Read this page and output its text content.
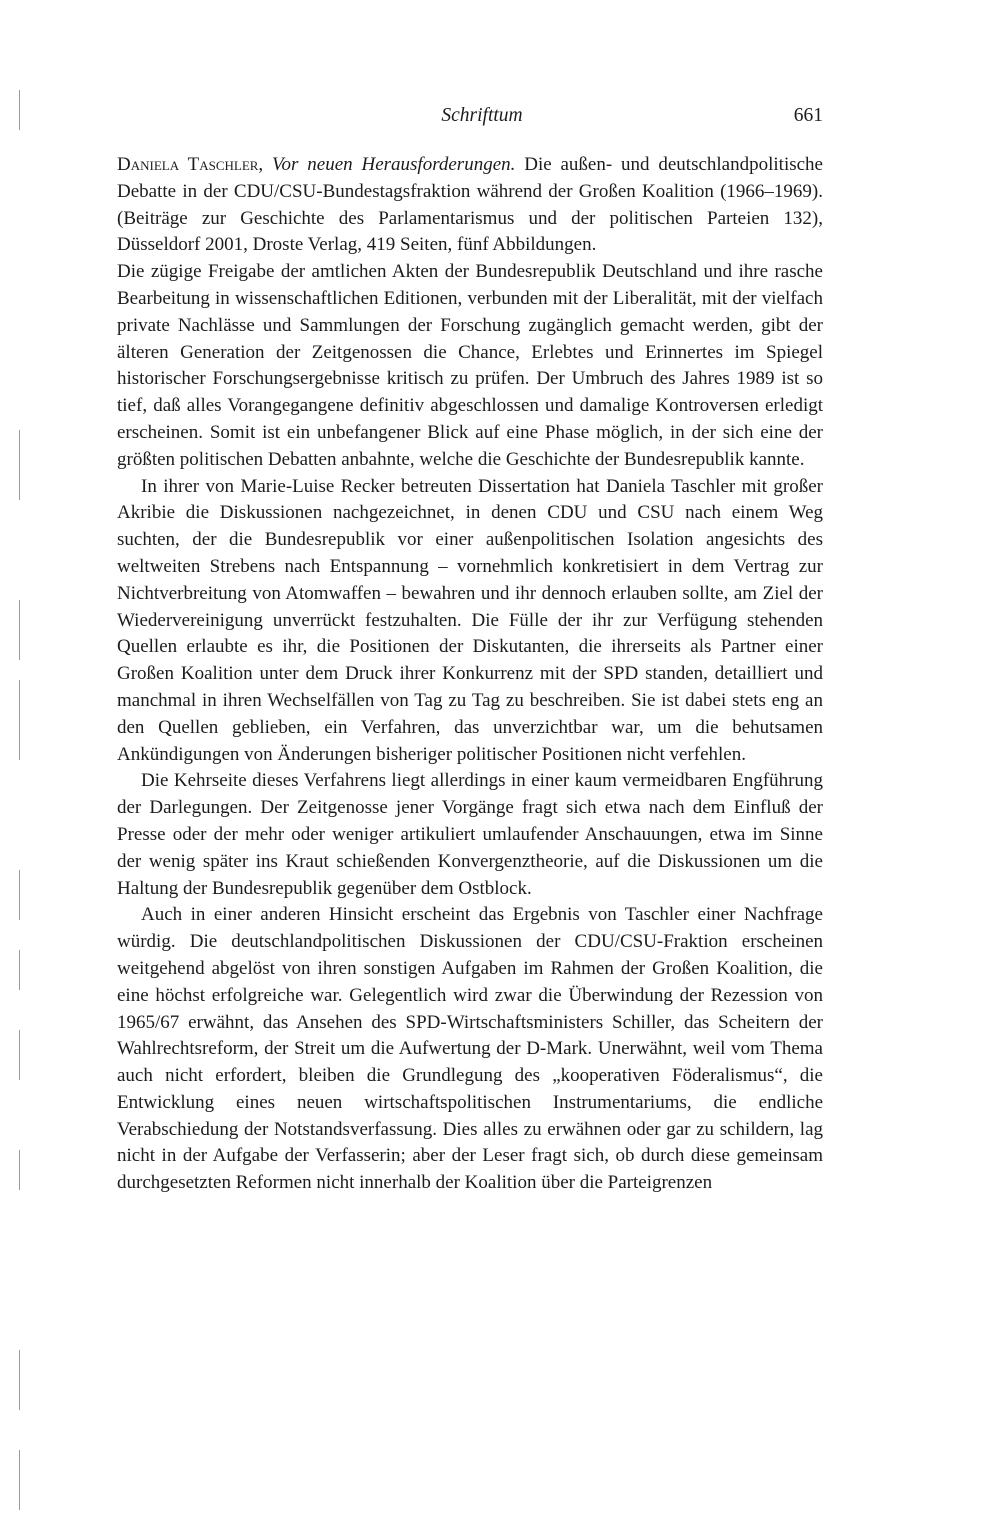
Schrifttum	661

Daniela Taschler, Vor neuen Herausforderungen. Die außen- und deutschlandpolitische Debatte in der CDU/CSU-Bundestagsfraktion während der Großen Koalition (1966–1969). (Beiträge zur Geschichte des Parlamentarismus und der politischen Parteien 132), Düsseldorf 2001, Droste Verlag, 419 Seiten, fünf Abbildungen.

Die zügige Freigabe der amtlichen Akten der Bundesrepublik Deutschland und ihre rasche Bearbeitung in wissenschaftlichen Editionen, verbunden mit der Liberalität, mit der vielfach private Nachlässe und Sammlungen der Forschung zugänglich gemacht werden, gibt der älteren Generation der Zeitgenossen die Chance, Erlebtes und Erinnertes im Spiegel historischer Forschungsergebnisse kritisch zu prüfen. Der Umbruch des Jahres 1989 ist so tief, daß alles Vorangegangene definitiv abgeschlossen und damalige Kontroversen erledigt erscheinen. Somit ist ein unbefangener Blick auf eine Phase möglich, in der sich eine der größten politischen Debatten anbahnte, welche die Geschichte der Bundesrepublik kannte.

In ihrer von Marie-Luise Recker betreuten Dissertation hat Daniela Taschler mit großer Akribie die Diskussionen nachgezeichnet, in denen CDU und CSU nach einem Weg suchten, der die Bundesrepublik vor einer außenpolitischen Isolation angesichts des weltweiten Strebens nach Entspannung – vornehmlich konkretisiert in dem Vertrag zur Nichtverbreitung von Atomwaffen – bewahren und ihr dennoch erlauben sollte, am Ziel der Wiedervereinigung unverrückt festzuhalten. Die Fülle der ihr zur Verfügung stehenden Quellen erlaubte es ihr, die Positionen der Diskutanten, die ihrerseits als Partner einer Großen Koalition unter dem Druck ihrer Konkurrenz mit der SPD standen, detailliert und manchmal in ihren Wechselfällen von Tag zu Tag zu beschreiben. Sie ist dabei stets eng an den Quellen geblieben, ein Verfahren, das unverzichtbar war, um die behutsamen Ankündigungen von Änderungen bisheriger politischer Positionen nicht verfehlen.

Die Kehrseite dieses Verfahrens liegt allerdings in einer kaum vermeidbaren Engführung der Darlegungen. Der Zeitgenosse jener Vorgänge fragt sich etwa nach dem Einfluß der Presse oder der mehr oder weniger artikuliert umlaufender Anschauungen, etwa im Sinne der wenig später ins Kraut schießenden Konvergenztheorie, auf die Diskussionen um die Haltung der Bundesrepublik gegenüber dem Ostblock.

Auch in einer anderen Hinsicht erscheint das Ergebnis von Taschler einer Nachfrage würdig. Die deutschlandpolitischen Diskussionen der CDU/CSU-Fraktion erscheinen weitgehend abgelöst von ihren sonstigen Aufgaben im Rahmen der Großen Koalition, die eine höchst erfolgreiche war. Gelegentlich wird zwar die Überwindung der Rezession von 1965/67 erwähnt, das Ansehen des SPD-Wirtschaftsministers Schiller, das Scheitern der Wahlrechtsreform, der Streit um die Aufwertung der D-Mark. Unerwähnt, weil vom Thema auch nicht erfordert, bleiben die Grundlegung des „kooperativen Föderalismus“, die Entwicklung eines neuen wirtschaftspolitischen Instrumentariums, die endliche Verabschiedung der Notstandsverfassung. Dies alles zu erwähnen oder gar zu schildern, lag nicht in der Aufgabe der Verfasserin; aber der Leser fragt sich, ob durch diese gemeinsam durchgesetzten Reformen nicht innerhalb der Koalition über die Parteigrenzen
